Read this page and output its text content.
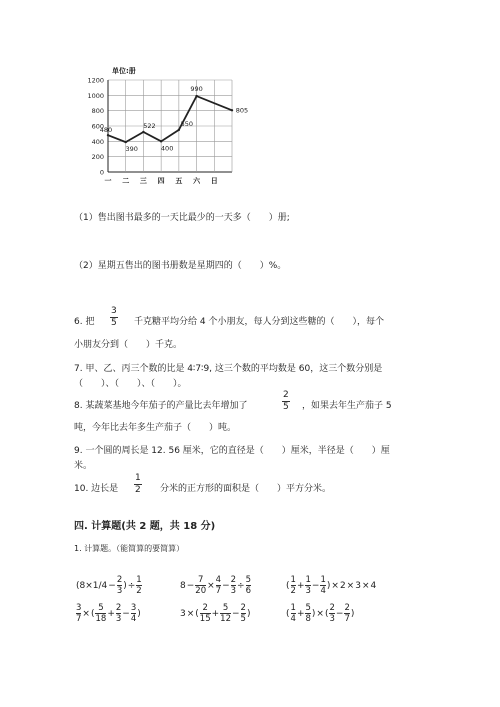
0
200
400
600
800
1000
1200
一 二 三 四 五 六 日
480
390
522
400
550
990
805
单位:册
（1）售出图书最多的一天比最少的一天多（　　）册;
（2）星期五售出的图书册数是星期四的（　　）%。
6. 把
3
5 千克糖平均分给 4 个小朋友，每人分到这些糖的（　　），每个
小朋友分到（　　）千克。
7. 甲、乙、丙三个数的比是 4∶7∶9, 这三个数的平均数是 60，这三个数分别是
（　　）、（　　）、（　　）。
8. 某蔬菜基地今年茄子的产量比去年增加了
2
5 ，如果去年生产茄子 5
吨，今年比去年多生产茄子（　　）吨。
9. 一个圆的周长是 12. 56 厘米，它的直径是（　　）厘米，半径是（　　）厘
米。
10. 边长是
1
2 分米的正方形的面积是（　　）平方分米。
四. 计算题(共 2 题，共 18 分)
1. 计算题。（能简算的要简算）
(8×1/4 −
2
3
) ÷
1
2
8 −
7
20
×
4
7
−
2
3
÷
5
6
(
1
2
+
1
3
−
1
4
) × 2 × 3 × 4
3
7
× (
5
18
+
2
3
−
3
4
)	3 × (
2
15
+
5
12
−
2
5
)	(
1
4
+
5
8
) × (
2
3
−
2
7
)
